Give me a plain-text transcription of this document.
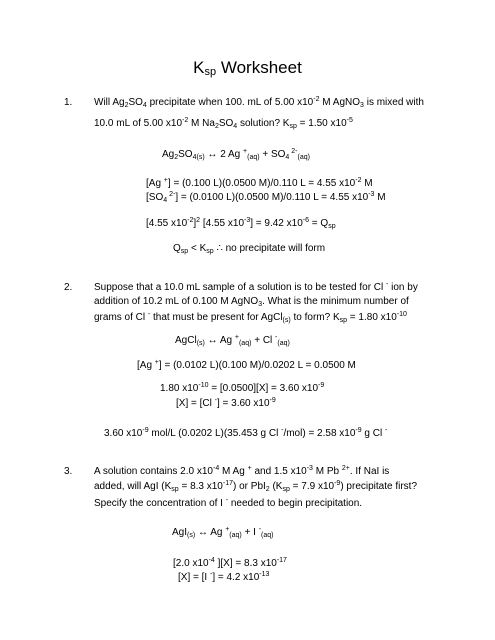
$K_{sp}$ Worksheet
1. Will $Ag_2SO_4$ precipitate when 100. mL of 5.00 $x10^{-2}$ M AgNO$_3$ is mixed with
10.0 mL of 5.00 $x10^{-2}$ M $Na_2SO_4$ solution? $K_{sp} = 1.50$ $x10^{-5}$
$Ag_2SO_{4(s)}$ ↔ 2 Ag $^+_{(aq)} + SO_4$ $^{2-}_{(aq)}$
[Ag +] = (0.100 L)(0.0500 M)/0.110 L = 4.55 $x10^{-2}$ M
[$SO_4$ $^{2-}$] = (0.0100 L)(0.0500 M)/0.110 L = 4.55 $x10^{-3}$ M
[4.55 $x10^{-2}]^2$ [4.55 $x10^{-3}] = 9.42$ $x10^{-6} = Q_{sp}$
$Q_{sp} < K_{sp}$ ∴ no precipitate will form
2. Suppose that a 10.0 mL sample of a solution is to be tested for Cl - ion by
addition of 10.2 mL of 0.100 M AgNO$_3$. What is the minimum number of
grams of Cl - that must be present for AgCl$_{(s)}$ to form? $K_{sp} = 1.80$ $x10^{-10}$
AgCl$_{(s)}$ ↔ Ag +$_{(aq)}$ + Cl -$_{(aq)}$
[Ag +] = (0.0102 L)(0.100 M)/0.0202 L = 0.0500 M
1.80 $x10^{-10} = [0.0500][X] = 3.60$ $x10^{-9}$
[X] = [Cl -] = 3.60 $x10^{-9}$
3.60 $x10^{-9}$ mol/L (0.0202 L)(35.453 g Cl -/mol) = 2.58 $x10^{-9}$ g Cl -
3. A solution contains 2.0 $x10^{-4}$ M Ag + and 1.5 $x10^{-3}$ M Pb $^{2+}$. If NaI is
added, will AgI ($K_{sp} = 8.3$ $x10^{-17}$) or PbI$_2$ ($K_{sp} = 7.9$ $x10^{-9}$) precipitate first?
Specify the concentration of I - needed to begin precipitation.
AgI$_{(s)}$ ↔ Ag +$_{(aq)}$ + I -$_{(aq)}$
[2.0 $x10^{-4}$ ][X] = 8.3 $x10^{-17}$
[X] = [I -] = 4.2 $x10^{-13}$
